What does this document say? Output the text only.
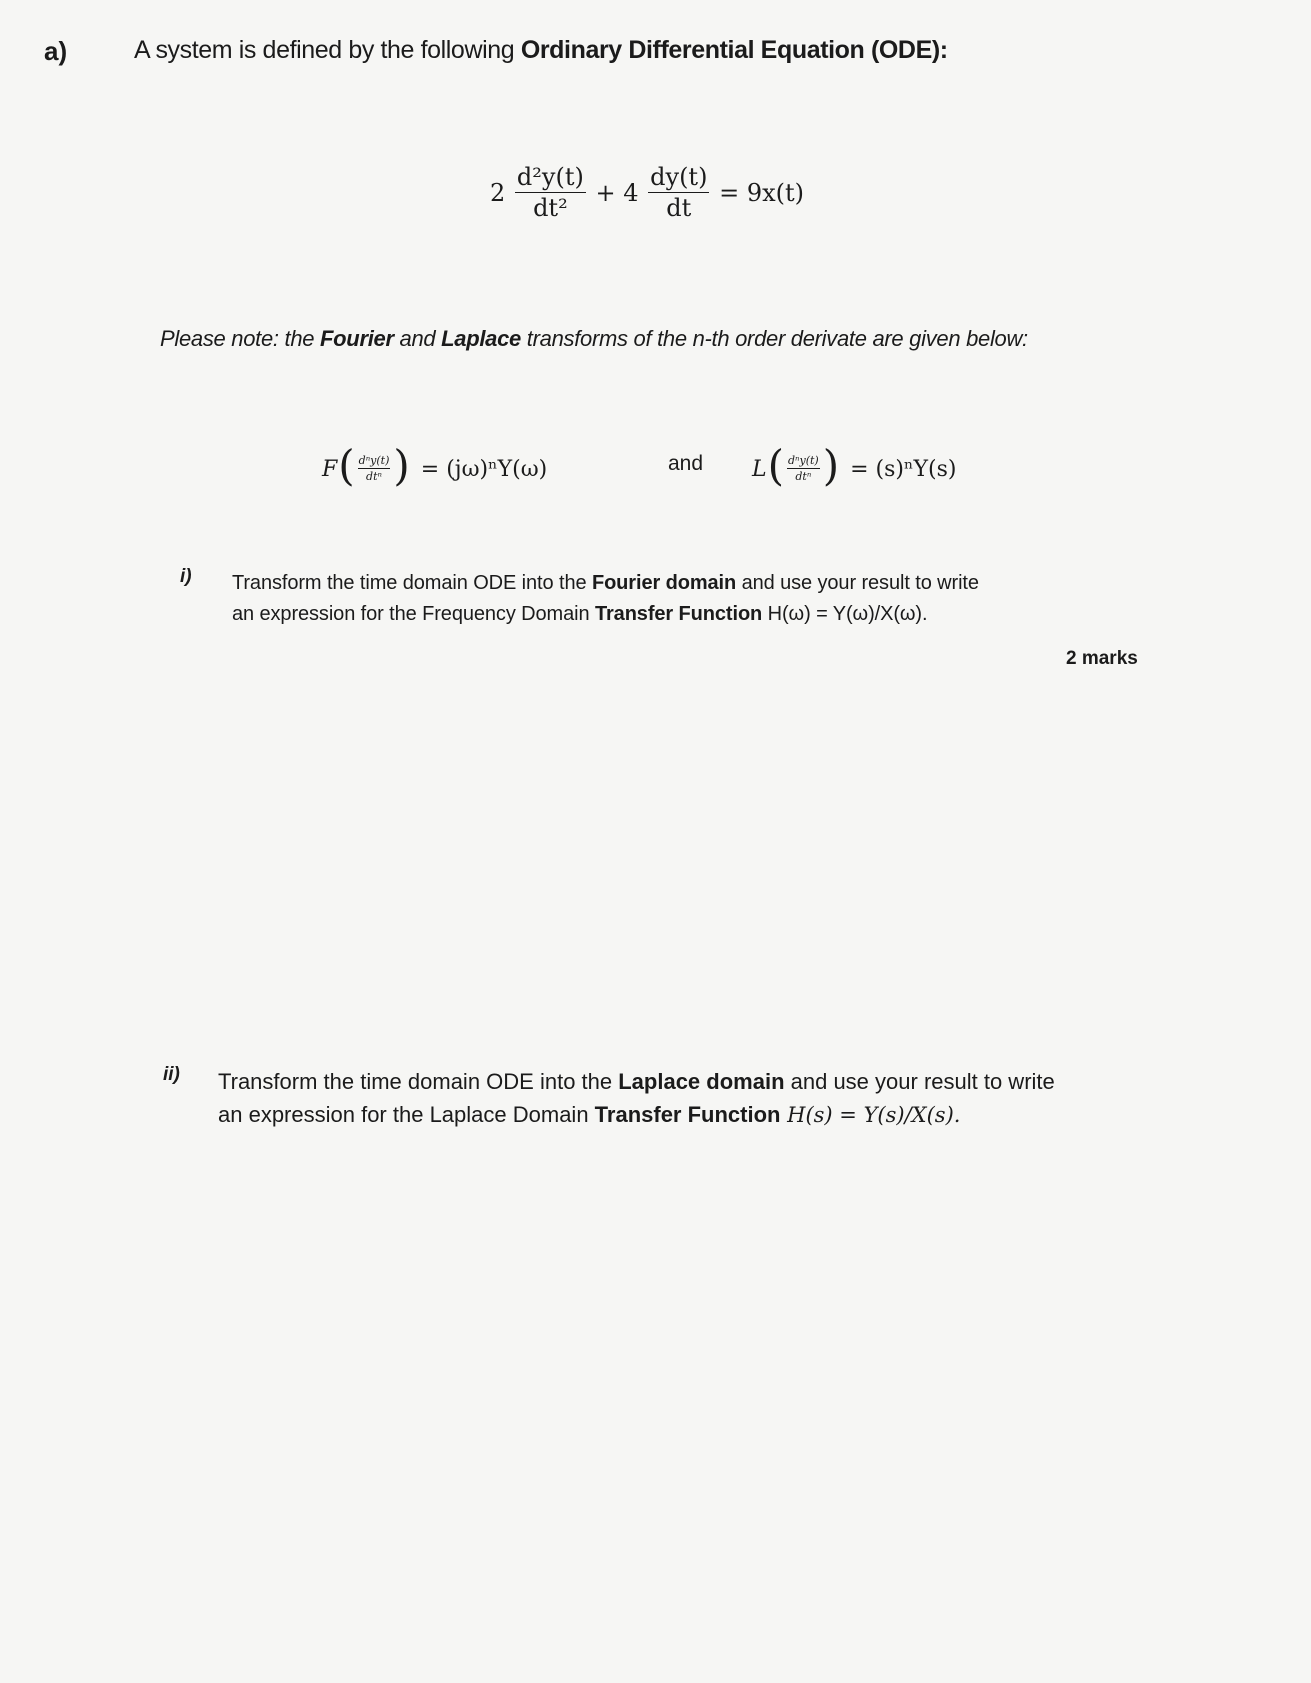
a)	A system is defined by the following Ordinary Differential Equation (ODE):
$2 \frac{\text{d²y(t)}}{\text{dt²}} + 4 \frac{dy(t)}{dt} = 9x(t)$
Please note: the Fourier and Laplace transforms of the n-th order derivate are given below:
F ( $\frac{\text{dⁿy(t)}}{\text{dtⁿ}}$ ) = (jω)ⁿY(ω)	and L ( $\frac{\text{dⁿy(t)}}{\text{dtⁿ}}$ ) = (s)ⁿY(s)
i) Transform the time domain ODE into the Fourier domain and use your result to write
an expression for the Frequency Domain Transfer Function H(ω) = Y(ω)/X(ω).
2 marks
ii) Transform the time domain ODE into the Laplace domain and use your result to write
an expression for the Laplace Domain Transfer Function H(s) = Y(s)/X(s).
